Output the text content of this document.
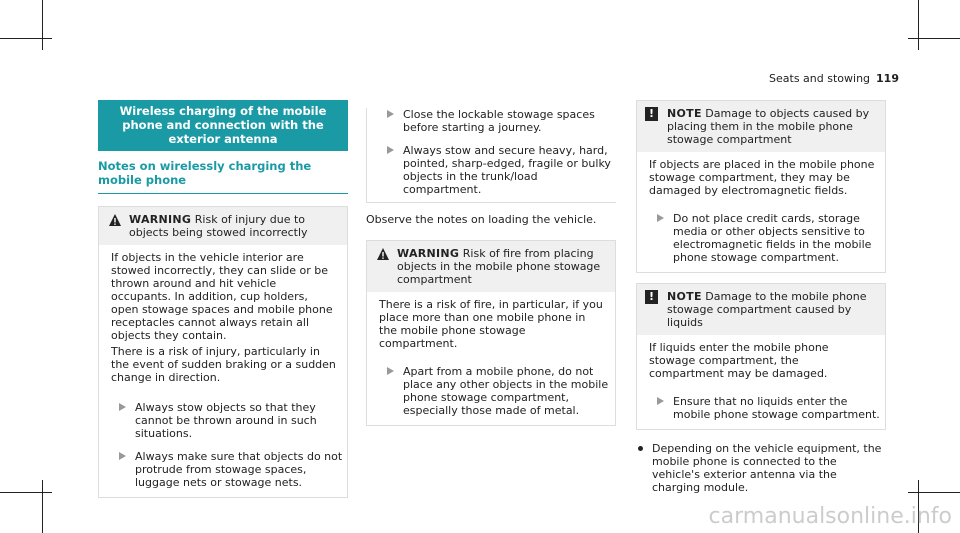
Seats and stowing 119
Wireless charging of the mobile phone and connection with the exterior antenna
Notes on wirelessly charging the mobile phone
WARNING Risk of injury due to objects being stowed incorrectly

If objects in the vehicle interior are stowed incorrectly, they can slide or be thrown around and hit vehicle occupants. In addition, cup holders, open stowage spaces and mobile phone receptacles cannot always retain all objects they contain.

There is a risk of injury, particularly in the event of sudden braking or a sudden change in direction.

Always stow objects so that they cannot be thrown around in such situations.
Always make sure that objects do not protrude from stowage spaces, luggage nets or stowage nets.
Close the lockable stowage spaces before starting a journey.
Always stow and secure heavy, hard, pointed, sharp-edged, fragile or bulky objects in the trunk/load compartment.

Observe the notes on loading the vehicle.

WARNING Risk of fire from placing objects in the mobile phone stowage compartment

There is a risk of fire, in particular, if you place more than one mobile phone in the mobile phone stowage compartment.

Apart from a mobile phone, do not place any other objects in the mobile phone stowage compartment, especially those made of metal.
!	NOTE Damage to objects caused by placing them in the mobile phone stowage compartment

If objects are placed in the mobile phone stowage compartment, they may be damaged by electromagnetic fields.

Do not place credit cards, storage media or other objects sensitive to electromagnetic fields in the mobile phone stowage compartment.
!	NOTE Damage to the mobile phone stowage compartment caused by liquids

If liquids enter the mobile phone stowage compartment, the compartment may be damaged.

Ensure that no liquids enter the mobile phone stowage compartment.
Depending on the vehicle equipment, the mobile phone is connected to the vehicle's exterior antenna via the charging module.
carmanualsonline.info
